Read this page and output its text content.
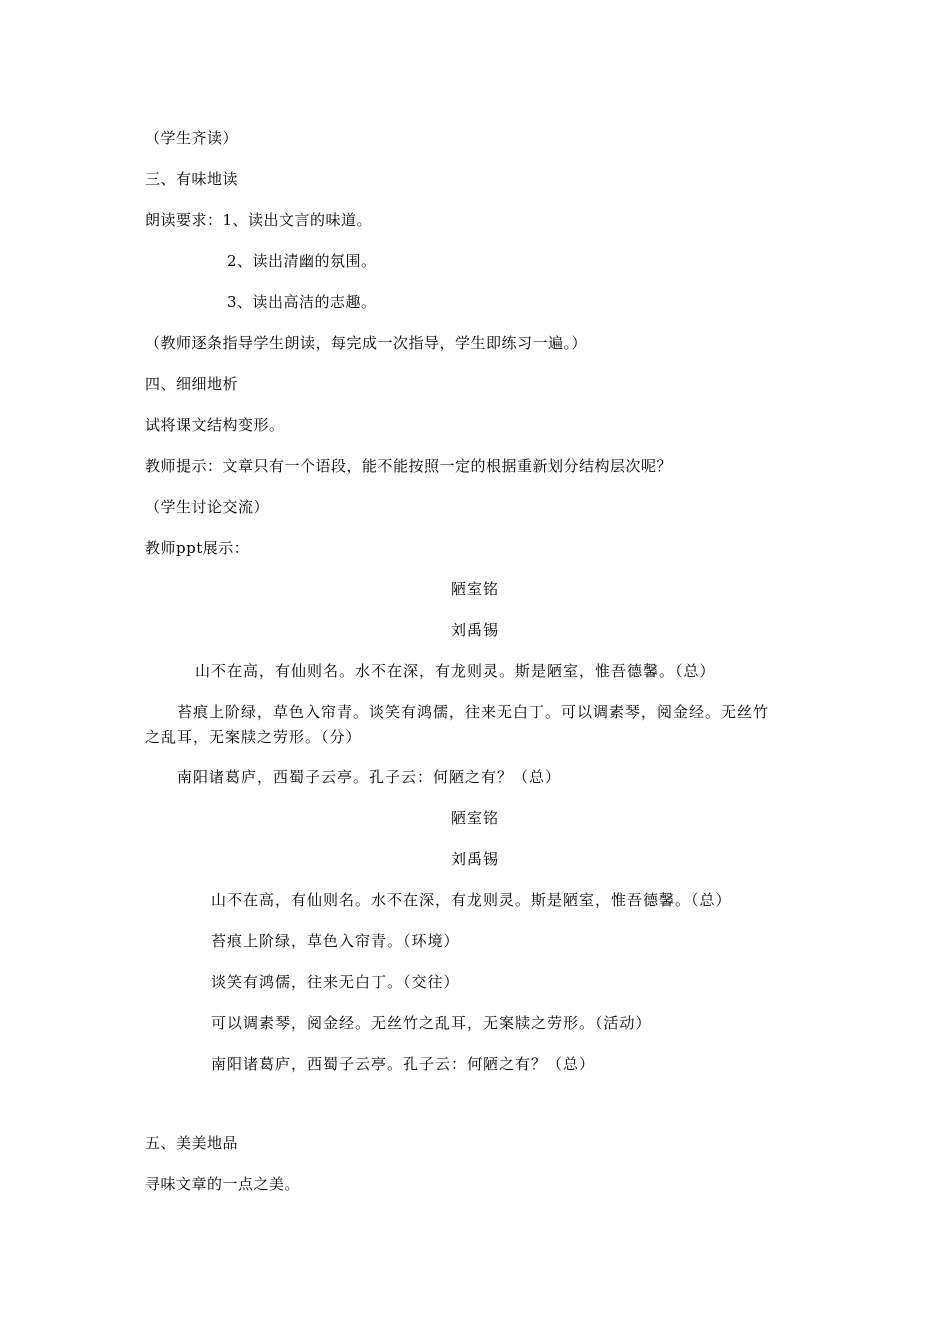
（学生齐读）
三、有味地读
朗读要求：1、读出文言的味道。
2、读出清幽的氛围。
3、读出高洁的志趣。
（教师逐条指导学生朗读，每完成一次指导，学生即练习一遍。）
四、细细地析
试将课文结构变形。
教师提示：文章只有一个语段，能不能按照一定的根据重新划分结构层次呢？
（学生讨论交流）
教师ppt展示：
陋室铭
刘禹锡
山不在高，有仙则名。水不在深，有龙则灵。斯是陋室，惟吾德馨。（总）
苔痕上阶绿，草色入帘青。谈笑有鸿儒，往来无白丁。可以调素琴，阅金经。无丝竹
之乱耳，无案牍之劳形。（分）
南阳诸葛庐，西蜀子云亭。孔子云：何陋之有？（总）
陋室铭
刘禹锡
山不在高，有仙则名。水不在深，有龙则灵。斯是陋室，惟吾德馨。（总）
苔痕上阶绿，草色入帘青。（环境）
谈笑有鸿儒，往来无白丁。（交往）
可以调素琴，阅金经。无丝竹之乱耳，无案牍之劳形。（活动）
南阳诸葛庐，西蜀子云亭。孔子云：何陋之有？（总）
五、美美地品
寻味文章的一点之美。
